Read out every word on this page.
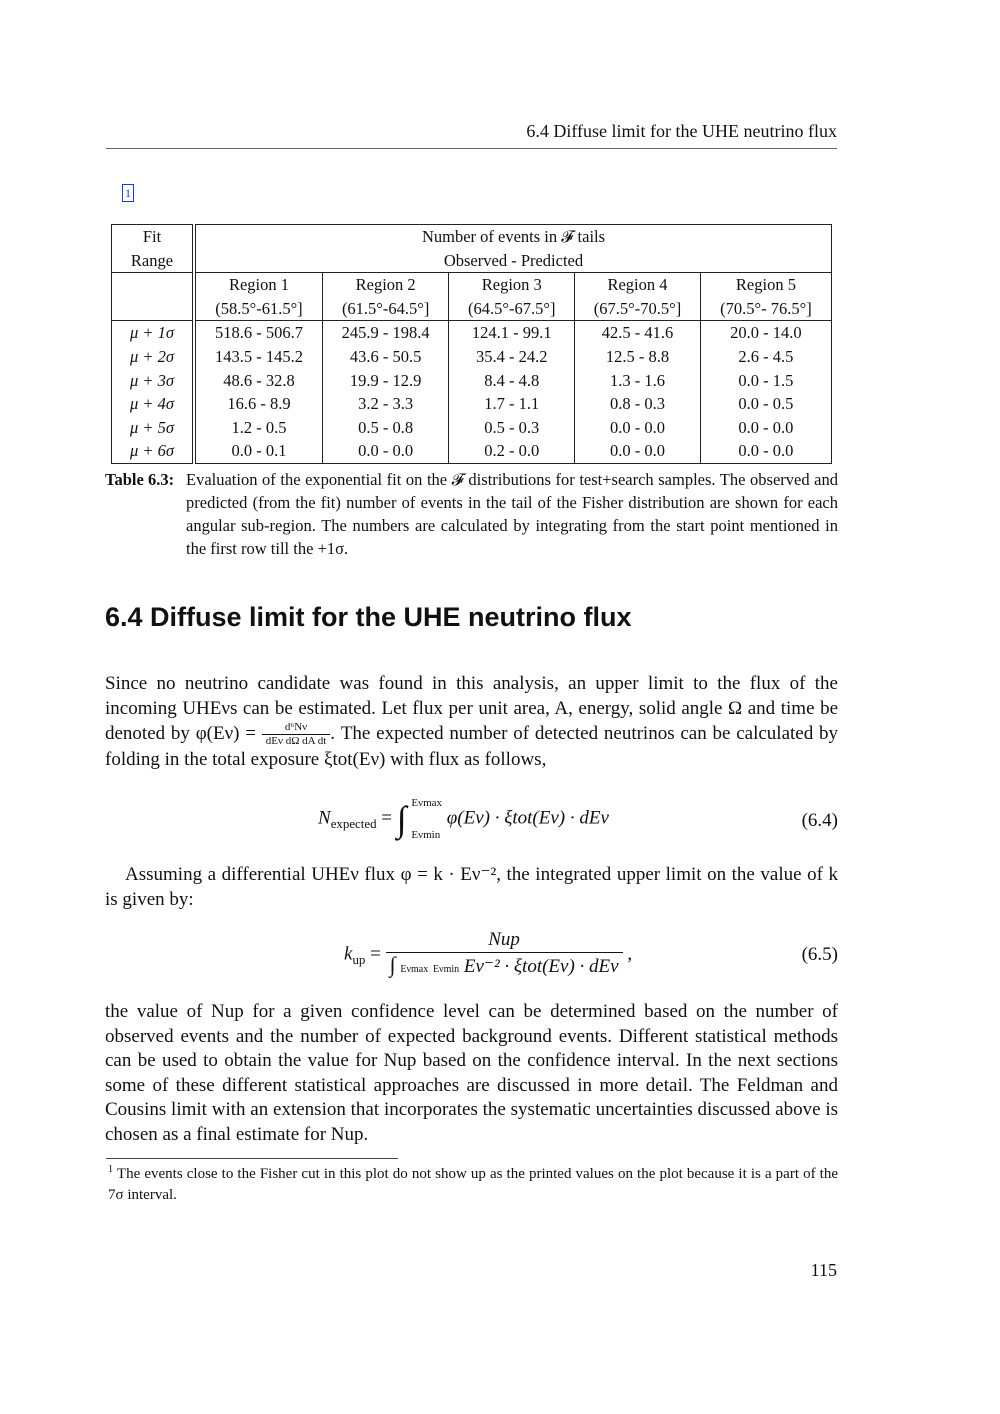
6.4 Diffuse limit for the UHE neutrino flux
1
Fit	Number of events in 𝓕 tails				
Range	Observed - Predicted				
	Region 1	Region 2	Region 3	Region 4	Region 5
	(58.5°-61.5°]	(61.5°-64.5°]	(64.5°-67.5°]	(67.5°-70.5°]	(70.5°- 76.5°]
μ + 1σ	518.6 - 506.7	245.9 - 198.4	124.1 - 99.1	42.5 - 41.6	20.0 - 14.0
μ + 2σ	143.5 - 145.2	43.6 - 50.5	35.4 - 24.2	12.5 - 8.8	2.6 - 4.5
μ + 3σ	48.6 - 32.8	19.9 - 12.9	8.4 - 4.8	1.3 - 1.6	0.0 - 1.5
μ + 4σ	16.6 - 8.9	3.2 - 3.3	1.7 - 1.1	0.8 - 0.3	0.0 - 0.5
μ + 5σ	1.2 - 0.5	0.5 - 0.8	0.5 - 0.3	0.0 - 0.0	0.0 - 0.0
μ + 6σ	0.0 - 0.1	0.0 - 0.0	0.2 - 0.0	0.0 - 0.0	0.0 - 0.0
Table 6.3: Evaluation of the exponential fit on the 𝓕 distributions for test+search samples. The observed and predicted (from the fit) number of events in the tail of the Fisher distribution are shown for each angular sub-region. The numbers are calculated by integrating from the start point mentioned in the first row till the +1σ.
6.4 Diffuse limit for the UHE neutrino flux
Since no neutrino candidate was found in this analysis, an upper limit to the flux of the incoming UHEνs can be estimated. Let flux per unit area, A, energy, solid angle Ω and time be denoted by $\varphi(E\nu) = \frac{\text{d⁶Nν}}{\text{dEν dΩ dA dt}}$ . The expected number of detected neutrinos can be calculated by folding in the total exposure ξtot(Eν) with flux as follows,
$N_{expected}$ = ∫ Eνmax
Eνmin
φ(Eν) · ξtot(Eν) · dEν	(6.4)
Assuming a differential UHEν flux φ = k · Eν⁻², the integrated upper limit on the value of k is given by:
$k_{up} = \frac{\text{Nup}}{\text{∫ Eνmax Eνmin Eν⁻² · ξtot(Eν) · dEν}}$ ,	(6.5)
the value of Nup for a given confidence level can be determined based on the number of observed events and the number of expected background events. Different statistical methods can be used to obtain the value for Nup based on the confidence interval. In the next sections some of these different statistical approaches are discussed in more detail. The Feldman and Cousins limit with an extension that incorporates the systematic uncertainties discussed above is chosen as a final estimate for Nup.
$^1$ The events close to the Fisher cut in this plot do not show up as the printed values on the plot because it is a part of the 7σ interval.
115
